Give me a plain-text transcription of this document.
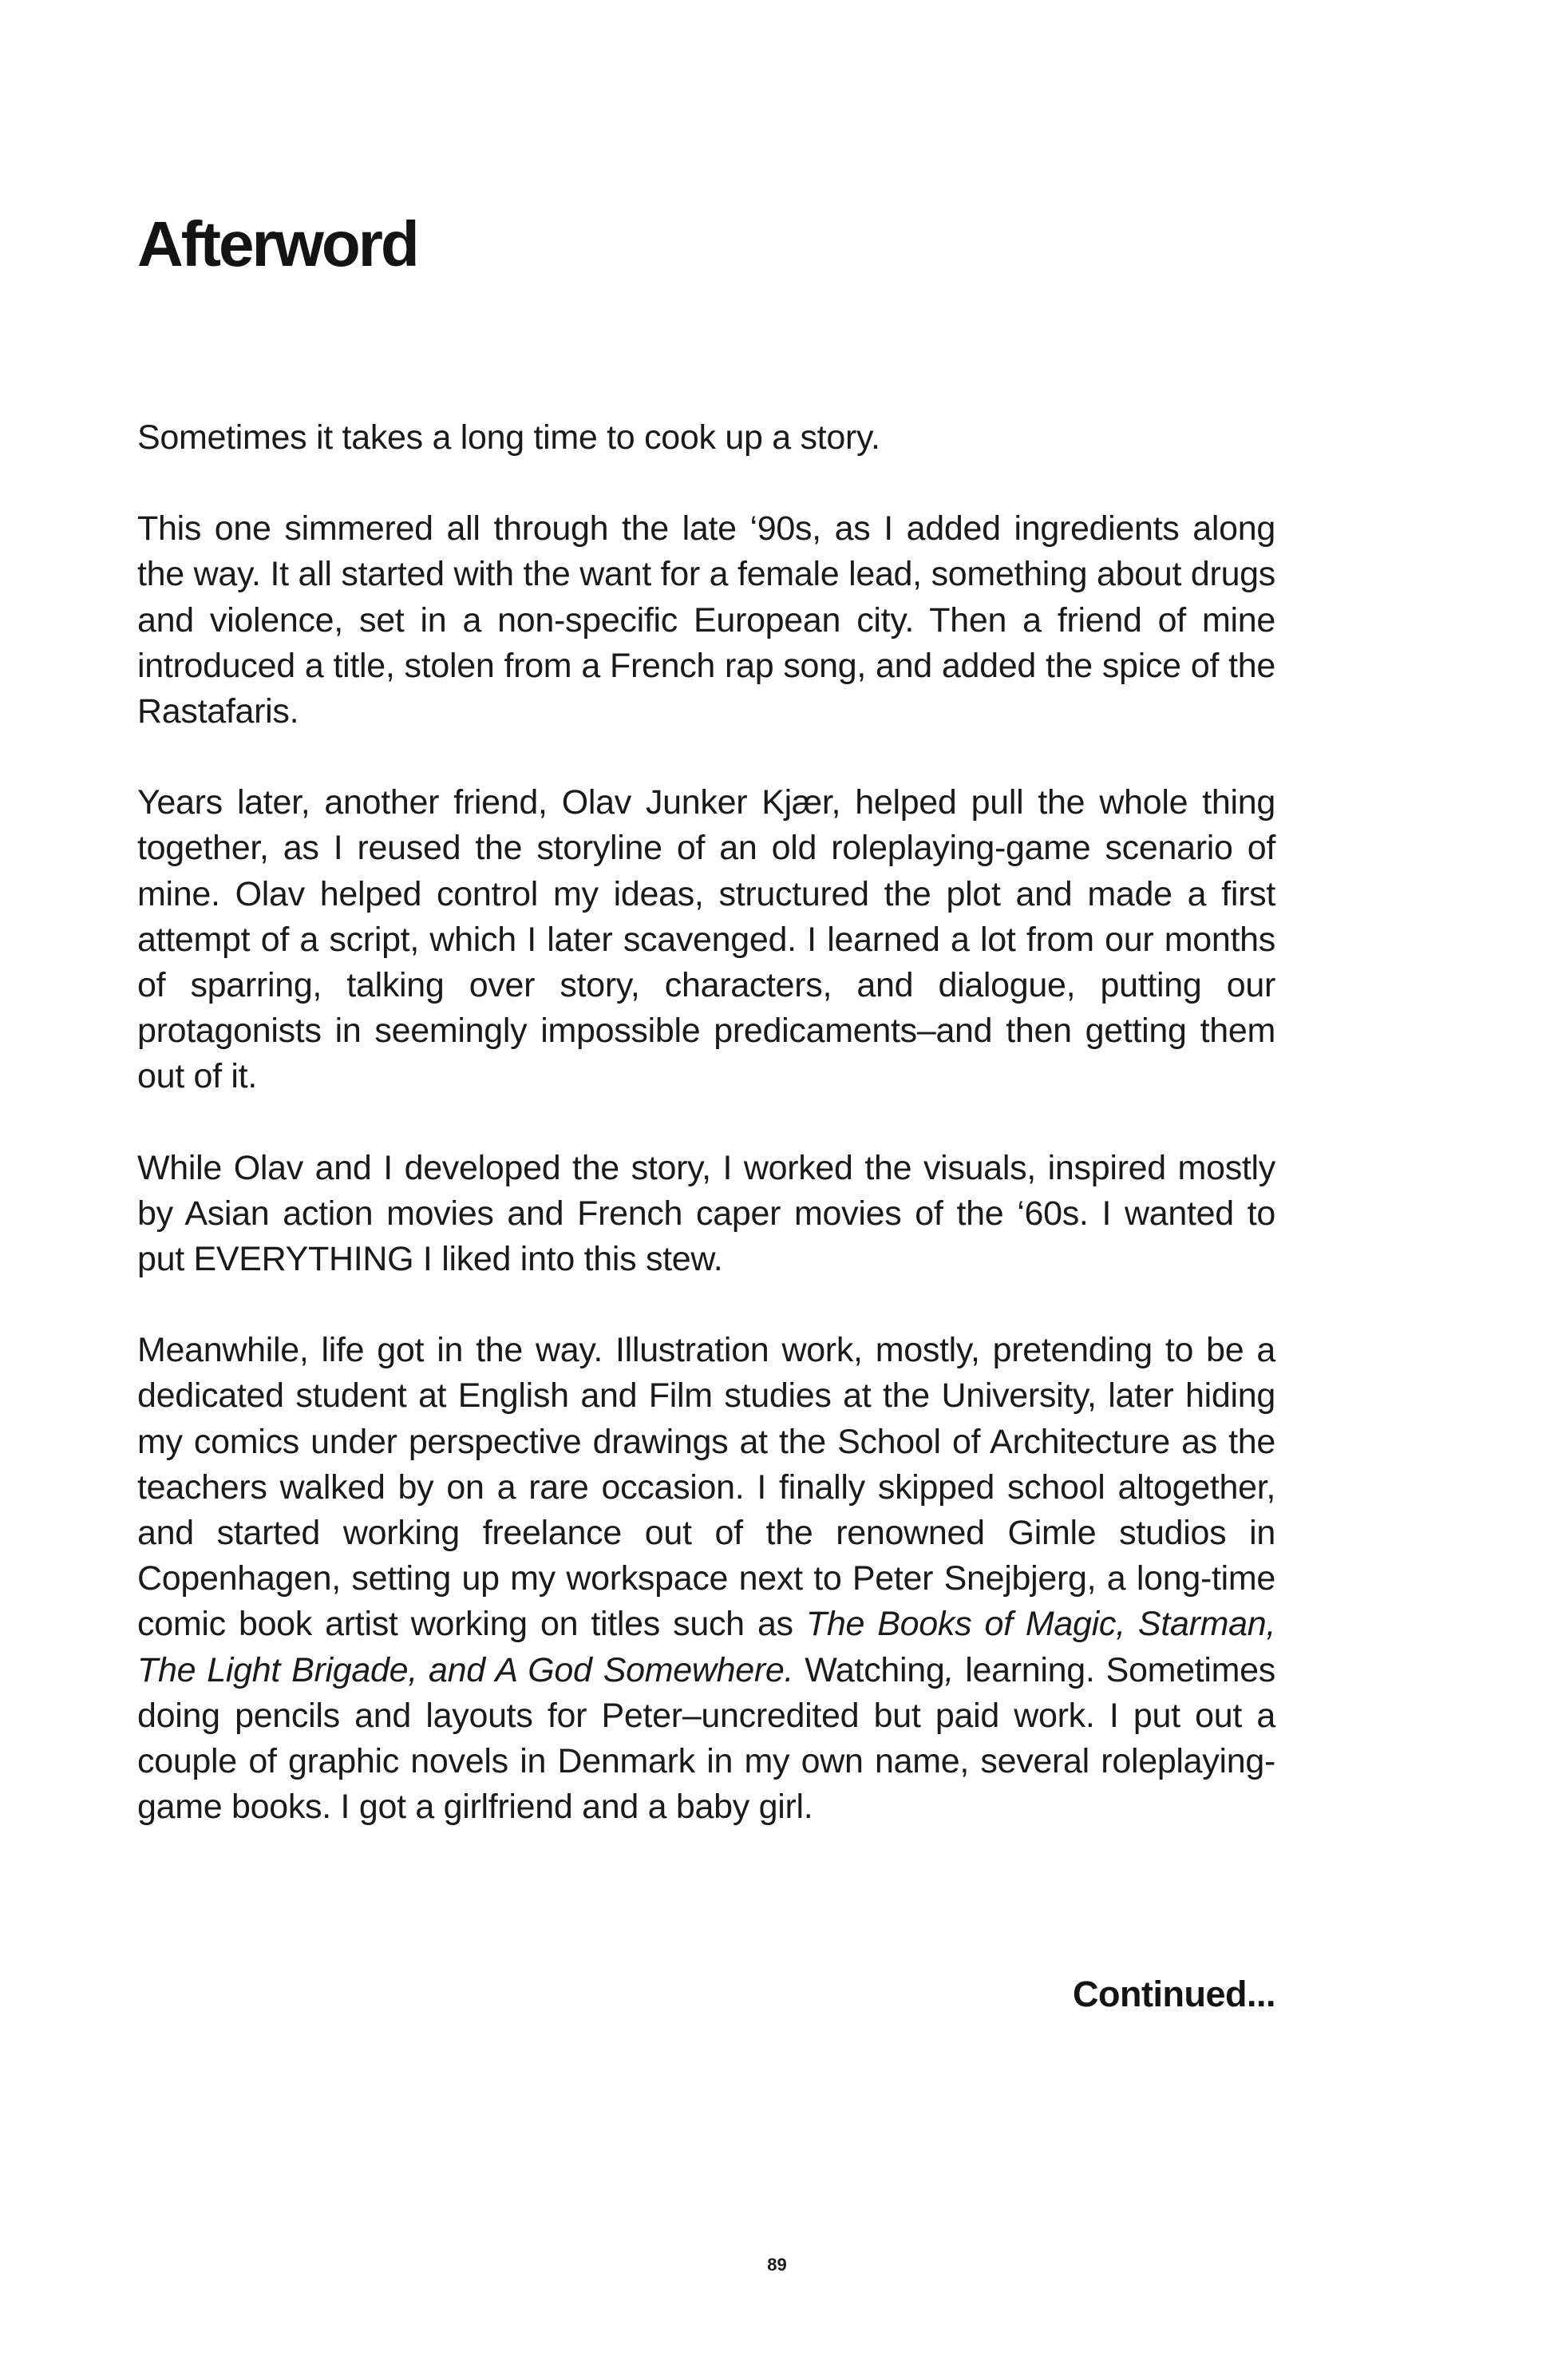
Afterword

Sometimes it takes a long time to cook up a story.

This one simmered all through the late ‘90s, as I added ingredients along the way. It all started with the want for a female lead, something about drugs and violence, set in a non-specific European city. Then a friend of mine introduced a title, stolen from a French rap song, and added the spice of the Rastafaris.

Years later, another friend, Olav Junker Kjær, helped pull the whole thing together, as I reused the storyline of an old roleplaying-game scenario of mine. Olav helped control my ideas, structured the plot and made a first attempt of a script, which I later scavenged. I learned a lot from our months of sparring, talking over story, characters, and dialogue, putting our protagonists in seemingly impossible predicaments–and then getting them out of it.

While Olav and I developed the story, I worked the visuals, inspired mostly by Asian action movies and French caper movies of the ‘60s. I wanted to put EVERYTHING I liked into this stew.

Meanwhile, life got in the way. Illustration work, mostly, pretending to be a dedicated student at English and Film studies at the University, later hiding my comics under perspective drawings at the School of Architecture as the teachers walked by on a rare occasion. I finally skipped school altogether, and started working freelance out of the renowned Gimle studios in Copenhagen, setting up my workspace next to Peter Snejbjerg, a long-time comic book artist working on titles such as The Books of Magic, Starman, The Light Brigade, and A God Somewhere. Watching, learning. Sometimes doing pencils and layouts for Peter–uncredited but paid work. I put out a couple of graphic novels in Denmark in my own name, several roleplaying-game books. I got a girlfriend and a baby girl.

Continued...

89
